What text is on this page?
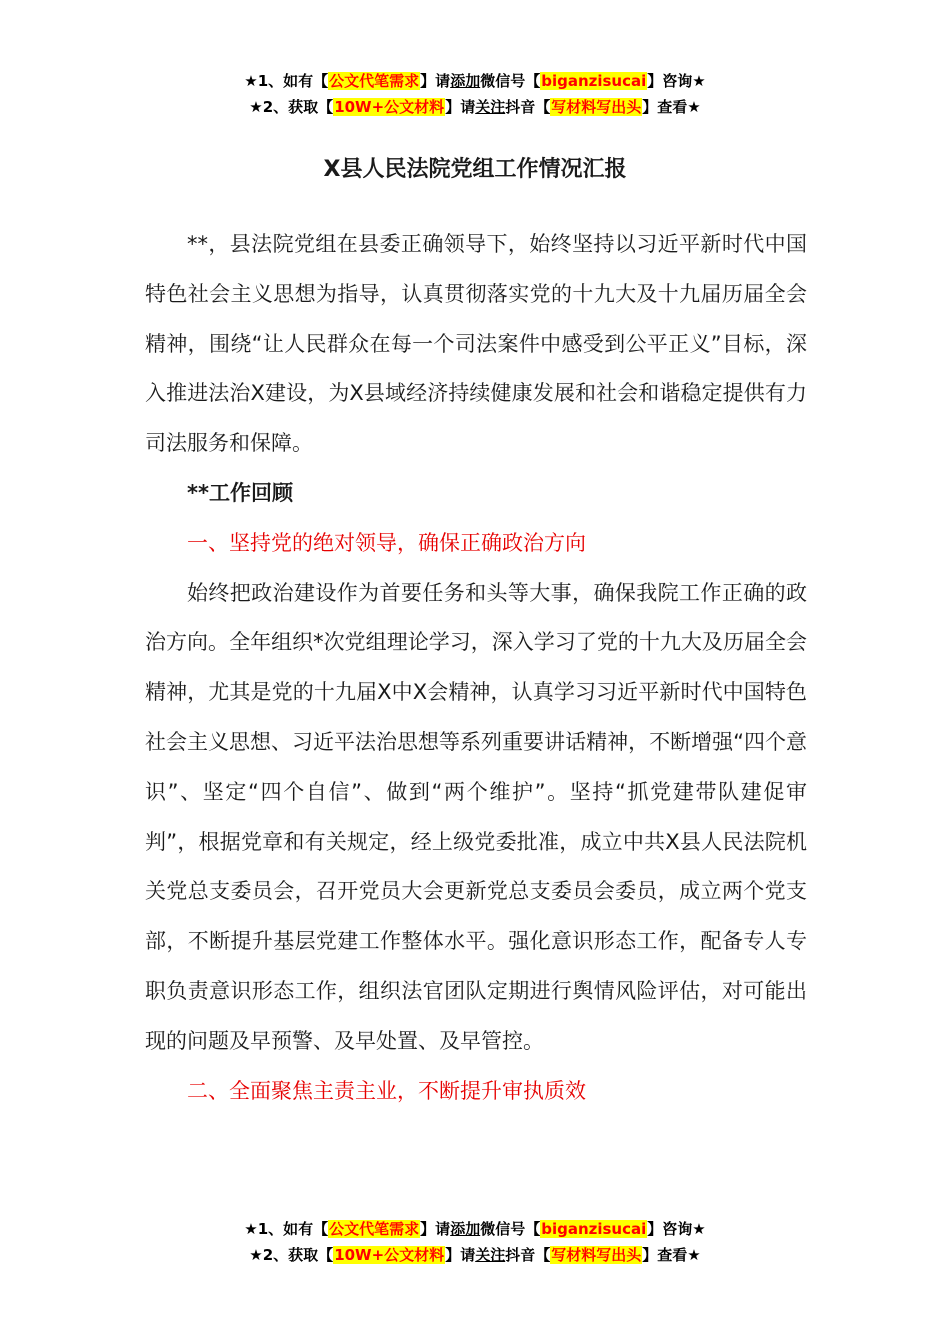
★1、如有【公文代笔需求】请添加微信号【biganzisucai】咨询★
★2、获取【10W+公文材料】请关注抖音【写材料写出头】查看★
X县人民法院党组工作情况汇报

**，县法院党组在县委正确领导下，始终坚持以习近平新时代中国特色社会主义思想为指导，认真贯彻落实党的十九大及十九届历届全会精神，围绕“让人民群众在每一个司法案件中感受到公平正义”目标，深入推进法治X建设，为X县域经济持续健康发展和社会和谐稳定提供有力司法服务和保障。

**工作回顾

一、坚持党的绝对领导，确保正确政治方向

始终把政治建设作为首要任务和头等大事，确保我院工作正确的政治方向。全年组织*次党组理论学习，深入学习了党的十九大及历届全会精神，尤其是党的十九届X中X会精神，认真学习习近平新时代中国特色社会主义思想、习近平法治思想等系列重要讲话精神，不断增强“四个意识”、坚定“四个自信”、做到“两个维护”。坚持“抓党建带队建促审判”，根据党章和有关规定，经上级党委批准，成立中共X县人民法院机关党总支委员会，召开党员大会更新党总支委员会委员，成立两个党支部，不断提升基层党建工作整体水平。强化意识形态工作，配备专人专职负责意识形态工作，组织法官团队定期进行舆情风险评估，对可能出现的问题及早预警、及早处置、及早管控。

二、全面聚焦主责主业，不断提升审执质效

★1、如有【公文代笔需求】请添加微信号【biganzisucai】咨询★
★2、获取【10W+公文材料】请关注抖音【写材料写出头】查看★
